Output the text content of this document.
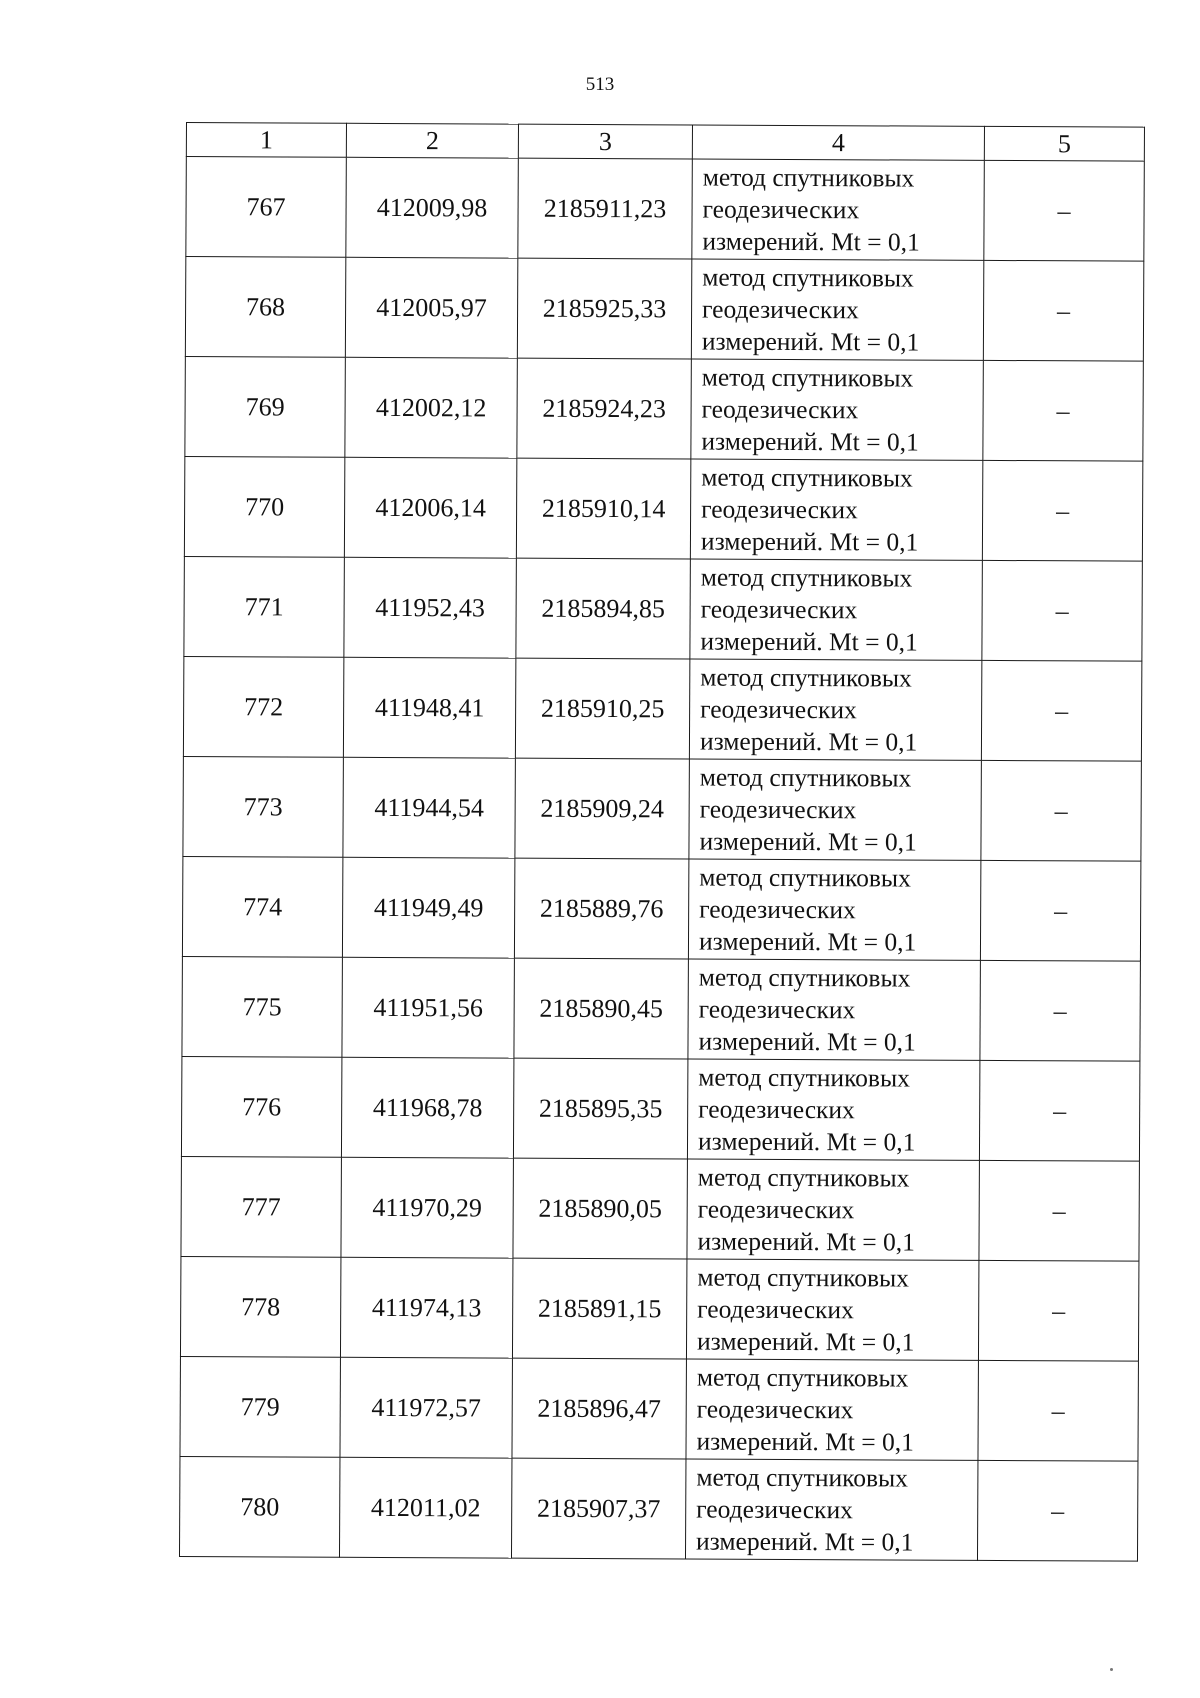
513
1	2	3	4	5
767	412009,98	2185911,23	метод спутниковых
геодезических
измерений. Mt = 0,1	–
768	412005,97	2185925,33	метод спутниковых
геодезических
измерений. Mt = 0,1	–
769	412002,12	2185924,23	метод спутниковых
геодезических
измерений. Mt = 0,1	–
770	412006,14	2185910,14	метод спутниковых
геодезических
измерений. Mt = 0,1	–
771	411952,43	2185894,85	метод спутниковых
геодезических
измерений. Mt = 0,1	–
772	411948,41	2185910,25	метод спутниковых
геодезических
измерений. Mt = 0,1	–
773	411944,54	2185909,24	метод спутниковых
геодезических
измерений. Mt = 0,1	–
774	411949,49	2185889,76	метод спутниковых
геодезических
измерений. Mt = 0,1	–
775	411951,56	2185890,45	метод спутниковых
геодезических
измерений. Mt = 0,1	–
776	411968,78	2185895,35	метод спутниковых
геодезических
измерений. Mt = 0,1	–
777	411970,29	2185890,05	метод спутниковых
геодезических
измерений. Mt = 0,1	–
778	411974,13	2185891,15	метод спутниковых
геодезических
измерений. Mt = 0,1	–
779	411972,57	2185896,47	метод спутниковых
геодезических
измерений. Mt = 0,1	–
780	412011,02	2185907,37	метод спутниковых
геодезических
измерений. Mt = 0,1	–
